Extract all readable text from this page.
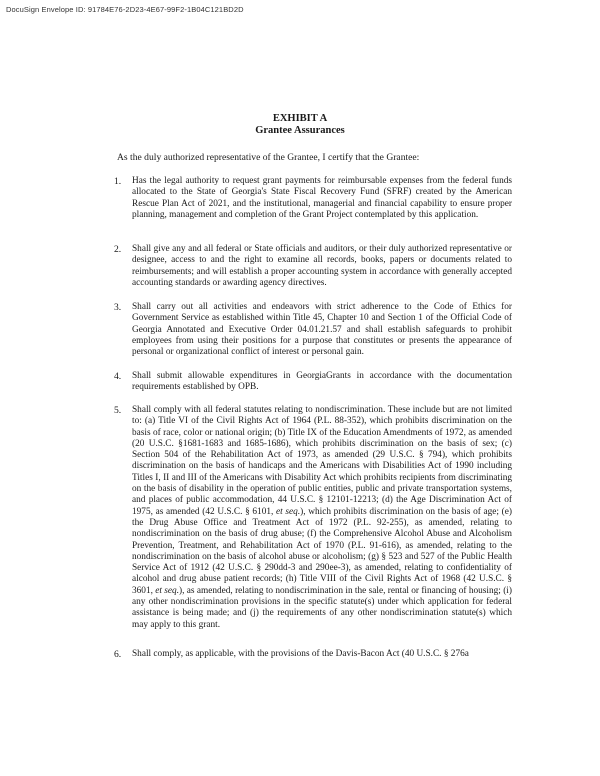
DocuSign Envelope ID: 91784E76-2D23-4E67-99F2-1B04C121BD2D
EXHIBIT A
Grantee Assurances
As the duly authorized representative of the Grantee, I certify that the Grantee:
1. Has the legal authority to request grant payments for reimbursable expenses from the federal funds allocated to the State of Georgia's State Fiscal Recovery Fund (SFRF) created by the American Rescue Plan Act of 2021, and the institutional, managerial and financial capability to ensure proper planning, management and completion of the Grant Project contemplated by this application.
2. Shall give any and all federal or State officials and auditors, or their duly authorized representative or designee, access to and the right to examine all records, books, papers or documents related to reimbursements; and will establish a proper accounting system in accordance with generally accepted accounting standards or awarding agency directives.
3. Shall carry out all activities and endeavors with strict adherence to the Code of Ethics for Government Service as established within Title 45, Chapter 10 and Section 1 of the Official Code of Georgia Annotated and Executive Order 04.01.21.57 and shall establish safeguards to prohibit employees from using their positions for a purpose that constitutes or presents the appearance of personal or organizational conflict of interest or personal gain.
4. Shall submit allowable expenditures in GeorgiaGrants in accordance with the documentation requirements established by OPB.
5. Shall comply with all federal statutes relating to nondiscrimination. These include but are not limited to: (a) Title VI of the Civil Rights Act of 1964 (P.L. 88-352), which prohibits discrimination on the basis of race, color or national origin; (b) Title IX of the Education Amendments of 1972, as amended (20 U.S.C. §1681-1683 and 1685-1686), which prohibits discrimination on the basis of sex; (c) Section 504 of the Rehabilitation Act of 1973, as amended (29 U.S.C. § 794), which prohibits discrimination on the basis of handicaps and the Americans with Disabilities Act of 1990 including Titles I, II and III of the Americans with Disability Act which prohibits recipients from discriminating on the basis of disability in the operation of public entities, public and private transportation systems, and places of public accommodation, 44 U.S.C. § 12101-12213; (d) the Age Discrimination Act of 1975, as amended (42 U.S.C. § 6101, et seq.), which prohibits discrimination on the basis of age; (e) the Drug Abuse Office and Treatment Act of 1972 (P.L. 92-255), as amended, relating to nondiscrimination on the basis of drug abuse; (f) the Comprehensive Alcohol Abuse and Alcoholism Prevention, Treatment, and Rehabilitation Act of 1970 (P.L. 91-616), as amended, relating to the nondiscrimination on the basis of alcohol abuse or alcoholism; (g) § 523 and 527 of the Public Health Service Act of 1912 (42 U.S.C. § 290dd-3 and 290ee-3), as amended, relating to confidentiality of alcohol and drug abuse patient records; (h) Title VIII of the Civil Rights Act of 1968 (42 U.S.C. § 3601, et seq.), as amended, relating to nondiscrimination in the sale, rental or financing of housing; (i) any other nondiscrimination provisions in the specific statute(s) under which application for federal assistance is being made; and (j) the requirements of any other nondiscrimination statute(s) which may apply to this grant.
6. Shall comply, as applicable, with the provisions of the Davis-Bacon Act (40 U.S.C. § 276a
